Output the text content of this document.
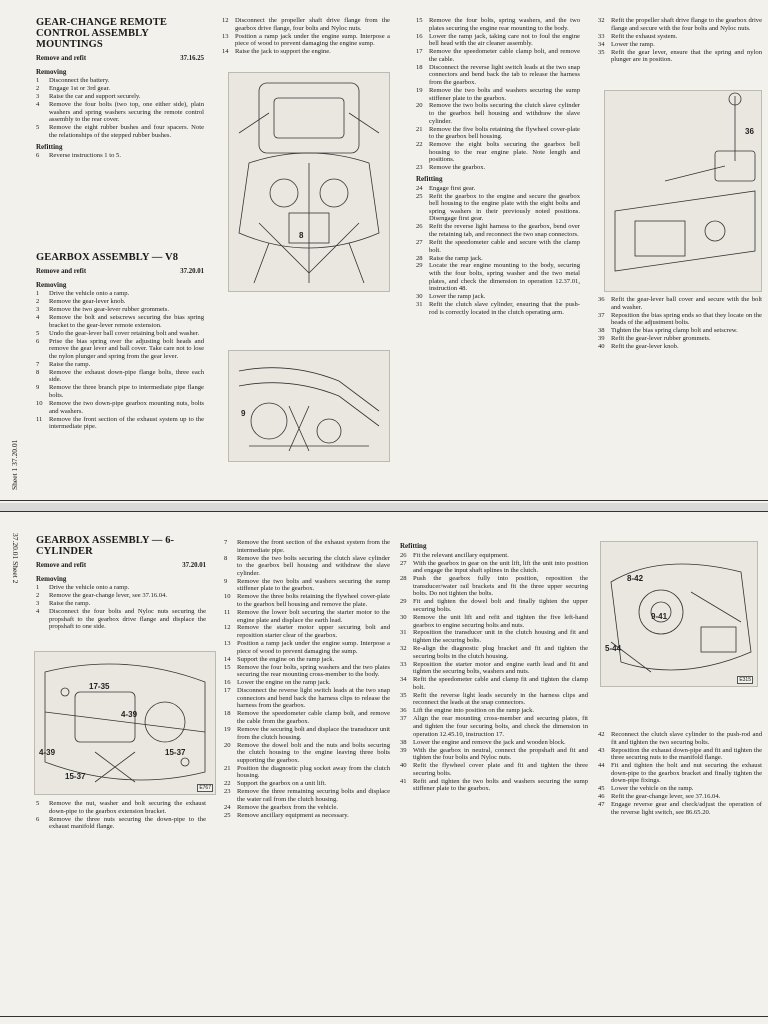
GEAR-CHANGE REMOTE CONTROL ASSEMBLY MOUNTINGS
Remove and refit	37.16.25
Removing
1	Disconnect the battery.
2	Engage 1st or 3rd gear.
3	Raise the car and support securely.
4	Remove the four bolts (two top, one either side), plain washers and spring washers securing the remote control assembly to the rear cover.
5	Remove the eight rubber bushes and four spacers. Note the relationships of the stepped rubber bushes.
Refitting
6	Reverse instructions 1 to 5.
GEARBOX ASSEMBLY — V8
Remove and refit	37.20.01
Removing
1	Drive the vehicle onto a ramp.
2	Remove the gear-lever knob.
3	Remove the two gear-lever rubber grommets.
4	Remove the bolt and setscrews securing the bias spring bracket to the gear-lever remote extension.
5	Undo the gear-lever ball cover retaining bolt and washer.
6	Prise the bias spring over the adjusting bolt heads and remove the gear lever and ball cover. Take care not to lose the nylon plunger and spring from the gear lever.
7	Raise the ramp.
8	Remove the exhaust down-pipe flange bolts, three each side.
9	Remove the three branch pipe to intermediate pipe flange bolts.
10 Remove the two down-pipe gearbox mounting nuts, bolts and washers.
11	Remove the front section of the exhaust system up to the intermediate pipe.
12 Disconnect the propeller shaft drive flange from the gearbox drive flange, four bolts and Nyloc nuts.
13 Position a ramp jack under the engine sump. Interpose a piece of wood to prevent damaging the engine sump.
14 Raise the jack to support the engine.
8
9
15 Remove the four bolts, spring washers, and the two plates securing the engine rear mounting to the body.
16 Lower the ramp jack, taking care not to foul the engine bell head with the air cleaner assembly.
17 Remove the speedometer cable clamp bolt, and remove the cable.
18 Disconnect the reverse light switch leads at the two snap connectors and bend back the tab to release the harness from the gearbox.
19 Remove the two bolts and washers securing the sump stiffener plate to the gearbox.
20 Remove the two bolts securing the clutch slave cylinder to the gearbox bell housing and withdraw the slave cylinder.
21 Remove the five bolts retaining the flywheel cover-plate to the gearbox bell housing.
22 Remove the eight bolts securing the gearbox bell housing to the rear engine plate. Note length and positions.
23 Remove the gearbox.
Refitting
24 Engage first gear.
25 Refit the gearbox to the engine and secure the gearbox bell housing to the engine plate with the eight bolts and spring washers in their previously noted positions. Disengage first gear.
26 Refit the reverse light harness to the gearbox, bend over the retaining tab, and reconnect the two snap connectors.
27 Refit the speedometer cable and secure with the clamp bolt.
28 Raise the ramp jack.
29 Locate the rear engine mounting to the body, securing with the four bolts, spring washer and the two metal plates, and check the dimension in operation 12.37.01, instruction 48.
30 Lower the ramp jack.
31 Refit the clutch slave cylinder, ensuring that the push-rod is correctly located in the clutch operating arm.
32 Refit the propeller shaft drive flange to the gearbox drive flange and secure with the four bolts and Nyloc nuts.
33 Refit the exhaust system.
34 Lower the ramp.
35 Refit the gear lever, ensure that the spring and nylon plunger are in position.
36
36 Refit the gear-lever ball cover and secure with the bolt and washer.
37 Reposition the bias spring ends so that they locate on the heads of the adjustment bolts.
38 Tighten the bias spring clamp bolt and setscrew.
39 Refit the gear-lever rubber grommets.
40 Refit the gear-lever knob.
Sheet 1 37.20.01
37.20.01 Sheet 2 GEARBOX ASSEMBLY — 6-CYLINDER
Remove and refit	37.20.01
Removing
1	Drive the vehicle onto a ramp.
2	Remove the gear-change lever, see 37.16.04.
3	Raise the ramp.
4	Disconnect the four bolts and Nyloc nuts securing the propshaft to the gearbox drive flange and displace the propshaft to one side.
17-35
4-39
4-39	15-37
15-37
E767
5	Remove the nut, washer and bolt securing the exhaust down-pipe to the gearbox extension bracket.
6	Remove the three nuts securing the down-pipe to the exhaust manifold flange.
7	Remove the front section of the exhaust system from the intermediate pipe.
8	Remove the two bolts securing the clutch slave cylinder to the gearbox bell housing and withdraw the slave cylinder.
9	Remove the two bolts and washers securing the sump stiffener plate to the gearbox.
10 Remove the three bolts retaining the flywheel cover-plate to the gearbox bell housing and remove the plate.
11	Remove the lower bolt securing the starter motor to the engine plate and displace the earth lead.
12 Remove the starter motor upper securing bolt and reposition starter clear of the gearbox.
13 Position a ramp jack under the engine sump. Interpose a piece of wood to prevent damaging the sump.
14 Support the engine on the ramp jack.
15 Remove the four bolts, spring washers and the two plates securing the rear mounting cross-member to the body.
16 Lower the engine on the ramp jack.
17 Disconnect the reverse light switch leads at the two snap connectors and bend back the harness clips to release the harness from the gearbox.
18 Remove the speedometer cable clamp bolt, and remove the cable from the gearbox.
19 Remove the securing bolt and displace the transducer unit from the clutch housing.
20 Remove the dowel bolt and the nuts and bolts securing the clutch housing to the engine leaving three bolts supporting the gearbox.
21 Position the diagnostic plug socket away from the clutch housing.
22 Support the gearbox on a unit lift.
23 Remove the three remaining securing bolts and displace the water rail from the clutch housing.
24 Remove the gearbox from the vehicle.
25 Remove ancillary equipment as necessary.
Refitting
26 Fit the relevant ancillary equipment.
27 With the gearbox in gear on the unit lift, lift the unit into position and engage the input shaft splines in the clutch.
28 Push the gearbox fully into position, reposition the transducer/water rail brackets and fit the three upper securing bolts. Do not tighten the bolts.
29 Fit and tighten the dowel bolt and finally tighten the upper securing bolts.
30 Remove the unit lift and refit and tighten the five left-hand gearbox to engine securing bolts and nuts.
31 Reposition the transducer unit in the clutch housing and fit and tighten the securing bolts.
32 Re-align the diagnostic plug bracket and fit and tighten the securing bolts in the clutch housing.
33 Reposition the starter motor and engine earth lead and fit and tighten the securing bolts, washers and nuts.
34 Refit the speedometer cable and clamp fit and tighten the clamp bolt.
35 Refit the reverse light leads securely in the harness clips and reconnect the leads at the snap connectors.
36 Lift the engine into position on the ramp jack.
37 Align the rear mounting cross-member and securing plates, fit and tighten the four securing bolts, and check the dimension in operation 12.45.10, instruction 17.
38 Lower the engine and remove the jack and wooden block.
39 With the gearbox in neutral, connect the propshaft and fit and tighten the four bolts and Nyloc nuts.
40 Refit the flywheel cover plate and fit and tighten the three securing bolts.
41 Refit and tighten the two bolts and washers securing the sump stiffener plate to the gearbox.
8-42
9-41
5-44
E315
42 Reconnect the clutch slave cylinder to the push-rod and fit and tighten the two securing bolts.
43 Reposition the exhaust down-pipe and fit and tighten the three securing nuts to the manifold flange.
44 Fit and tighten the bolt and nut securing the exhaust down-pipe to the gearbox bracket and finally tighten the down-pipe fixings.
45 Lower the vehicle on the ramp.
46 Refit the gear-change lever, see 37.16.04.
47 Engage reverse gear and check/adjust the operation of the reverse light switch, see 86.65.20.
